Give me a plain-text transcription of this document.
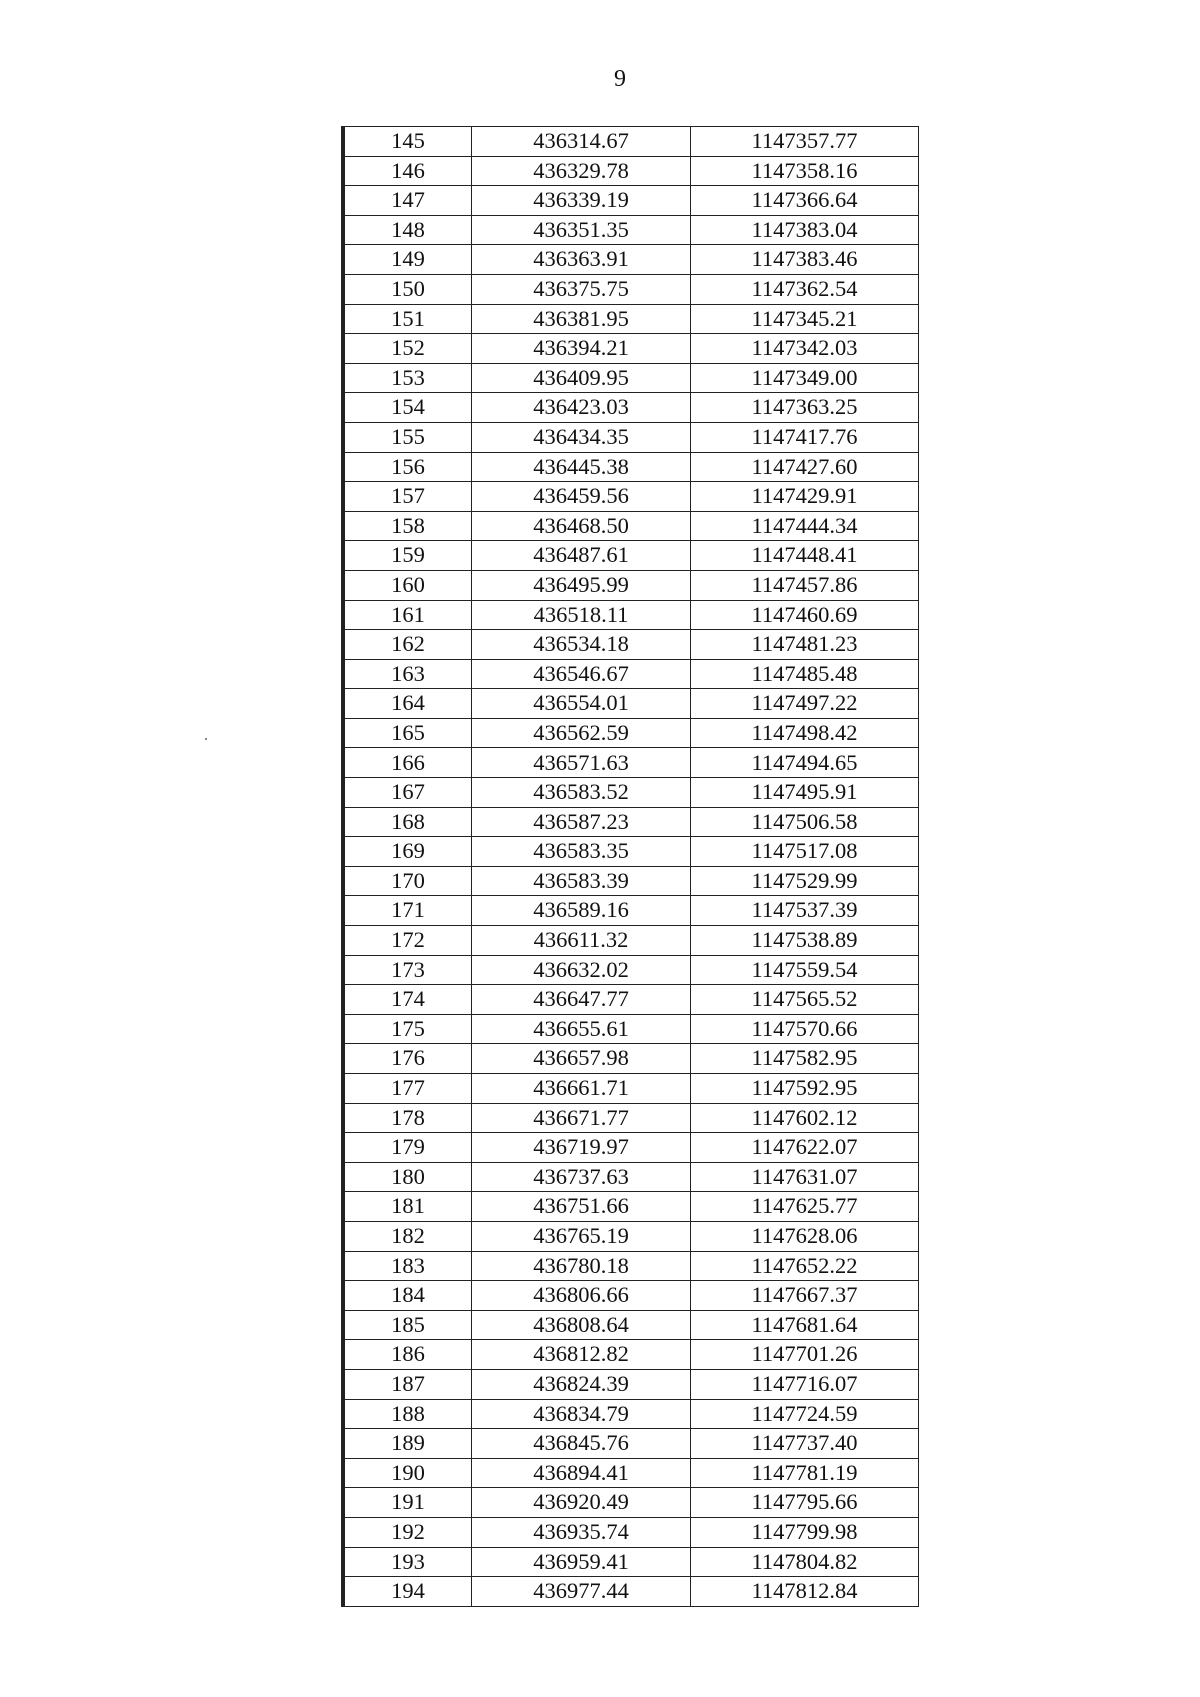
9
145	436314.67	1147357.77
146	436329.78	1147358.16
147	436339.19	1147366.64
148	436351.35	1147383.04
149	436363.91	1147383.46
150	436375.75	1147362.54
151	436381.95	1147345.21
152	436394.21	1147342.03
153	436409.95	1147349.00
154	436423.03	1147363.25
155	436434.35	1147417.76
156	436445.38	1147427.60
157	436459.56	1147429.91
158	436468.50	1147444.34
159	436487.61	1147448.41
160	436495.99	1147457.86
161	436518.11	1147460.69
162	436534.18	1147481.23
163	436546.67	1147485.48
164	436554.01	1147497.22
165	436562.59	1147498.42
166	436571.63	1147494.65
167	436583.52	1147495.91
168	436587.23	1147506.58
169	436583.35	1147517.08
170	436583.39	1147529.99
171	436589.16	1147537.39
172	436611.32	1147538.89
173	436632.02	1147559.54
174	436647.77	1147565.52
175	436655.61	1147570.66
176	436657.98	1147582.95
177	436661.71	1147592.95
178	436671.77	1147602.12
179	436719.97	1147622.07
180	436737.63	1147631.07
181	436751.66	1147625.77
182	436765.19	1147628.06
183	436780.18	1147652.22
184	436806.66	1147667.37
185	436808.64	1147681.64
186	436812.82	1147701.26
187	436824.39	1147716.07
188	436834.79	1147724.59
189	436845.76	1147737.40
190	436894.41	1147781.19
191	436920.49	1147795.66
192	436935.74	1147799.98
193	436959.41	1147804.82
194	436977.44	1147812.84
